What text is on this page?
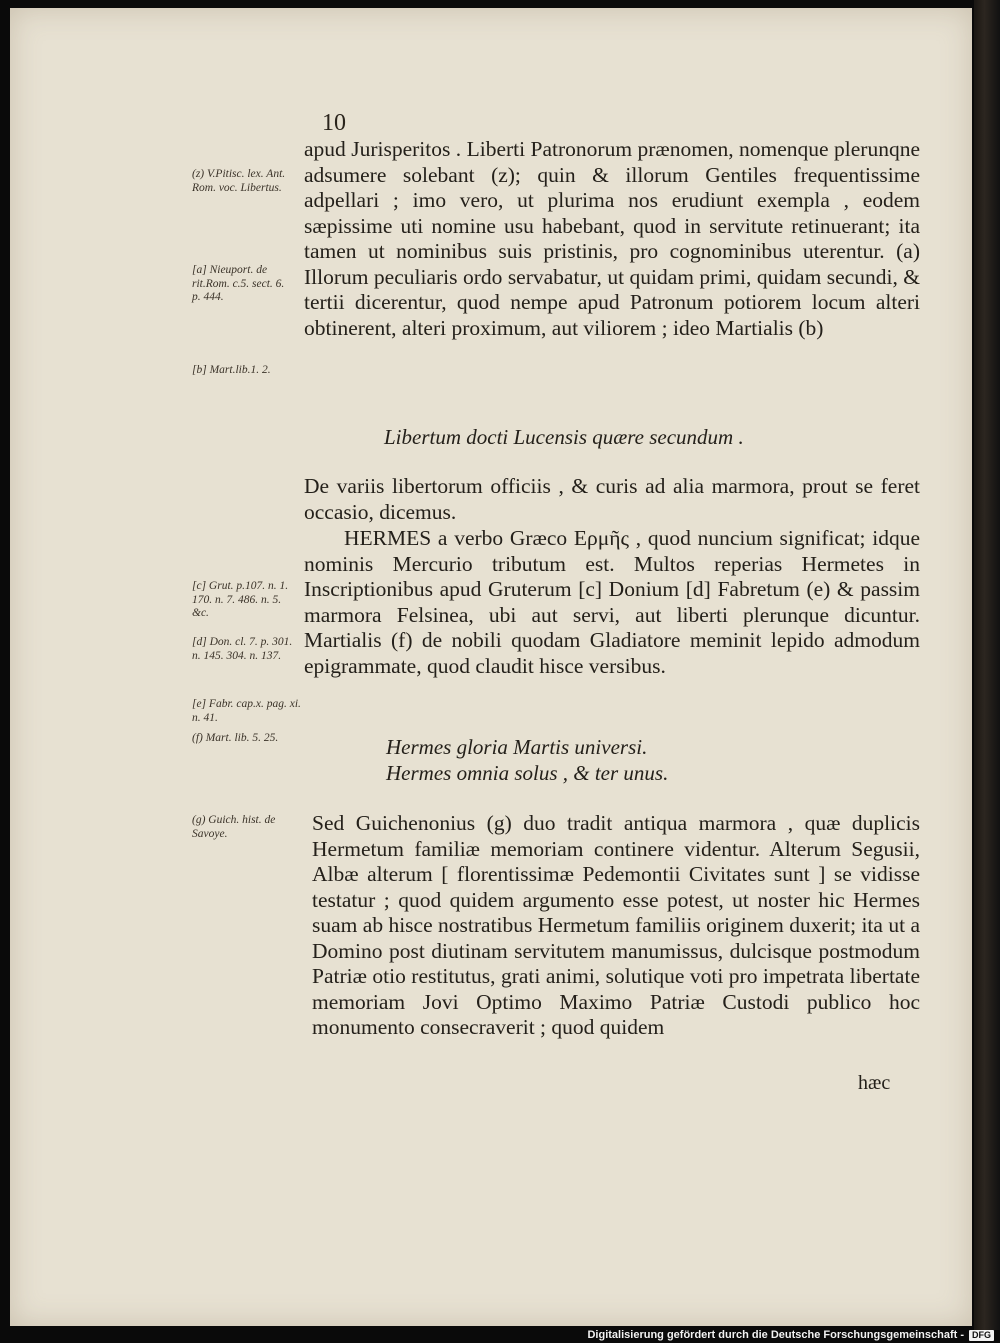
10
apud Jurisperitos . Liberti Patronorum prænomen, nomenque plerunqne adsumere solebant (z); quin & illorum Gentiles frequentissime adpellari ; imo vero, ut plurima nos erudiunt exempla , eodem sæpissime uti nomine usu habebant, quod in servitute retinuerant; ita tamen ut nominibus suis pristinis, pro cognominibus uterentur. (a) Illorum peculiaris ordo servabatur, ut quidam primi, quidam secundi, & tertii dicerentur, quod nempe apud Patronum potiorem locum alteri obtinerent, alteri proximum, aut viliorem ; ideo Martialis (b)
Libertum docti Lucensis quære secundum .
De variis libertorum officiis , & curis ad alia marmora, prout se feret occasio, dicemus.
HERMES a verbo Græco Ερμῆς , quod nuncium significat; idque nominis Mercurio tributum est. Multos reperias Hermetes in Inscriptionibus apud Gruterum [c] Donium [d] Fabretum (e) & passim marmora Felsinea, ubi aut servi, aut liberti plerunque dicuntur. Martialis (f) de nobili quodam Gladiatore meminit lepido admodum epigrammate, quod claudit hisce versibus.
Hermes gloria Martis universi.
Hermes omnia solus , & ter unus.
Sed Guichenonius (g) duo tradit antiqua marmora , quæ duplicis Hermetum familiæ memoriam continere videntur. Alterum Segusii, Albæ alterum [ florentissimæ Pedemontii Civitates sunt ] se vidisse testatur ; quod quidem argumento esse potest, ut noster hic Hermes suam ab hisce nostratibus Hermetum familiis originem duxerit; ita ut a Domino post diutinam servitutem manumissus, dulcisque postmodum Patriæ otio restitutus, grati animi, solutique voti pro impetrata libertate memoriam Jovi Optimo Maximo Patriæ Custodi publico hoc monumento consecraverit ; quod quidem
hæc
(z) V.Pitisc. lex. Ant. Rom. voc. Libertus.
[a] Nieuport. de rit.Rom. c.5. sect. 6. p. 444.
[b] Mart.lib.1. 2.
[c] Grut. p.107. n. 1. 170. n. 7. 486. n. 5. &c.
[d] Don. cl. 7. p. 301. n. 145. 304. n. 137.
[e] Fabr. cap.x. pag. xi. n. 41.
(f) Mart. lib. 5. 25.
(g) Guich. hist. de Savoye.
Digitalisierung gefördert durch die Deutsche Forschungsgemeinschaft - DFG
